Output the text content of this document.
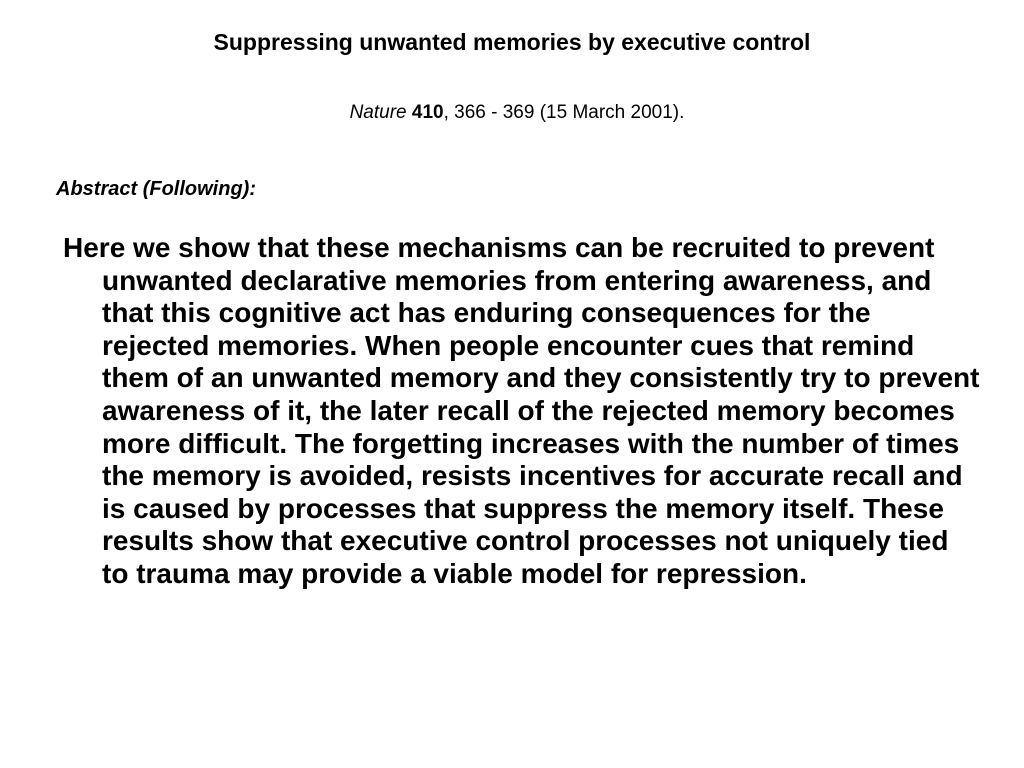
Suppressing unwanted memories by executive control
Nature 410, 366 - 369 (15 March 2001).
Abstract (Following):

Here we show that these mechanisms can be recruited to prevent unwanted declarative memories from entering awareness, and that this cognitive act has enduring consequences for the rejected memories. When people encounter cues that remind them of an unwanted memory and they consistently try to prevent awareness of it, the later recall of the rejected memory becomes more difficult. The forgetting increases with the number of times the memory is avoided, resists incentives for accurate recall and is caused by processes that suppress the memory itself. These results show that executive control processes not uniquely tied to trauma may provide a viable model for repression.
